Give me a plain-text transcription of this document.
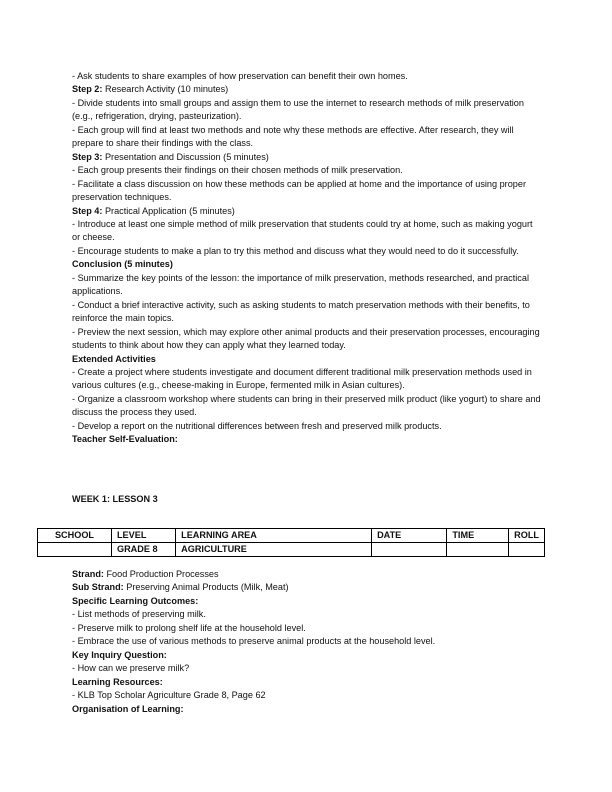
- Ask students to share examples of how preservation can benefit their own homes.

Step 2: Research Activity (10 minutes)

- Divide students into small groups and assign them to use the internet to research methods of milk preservation (e.g., refrigeration, drying, pasteurization).

- Each group will find at least two methods and note why these methods are effective. After research, they will prepare to share their findings with the class.

Step 3: Presentation and Discussion (5 minutes)

- Each group presents their findings on their chosen methods of milk preservation.

- Facilitate a class discussion on how these methods can be applied at home and the importance of using proper preservation techniques.

Step 4: Practical Application (5 minutes)

- Introduce at least one simple method of milk preservation that students could try at home, such as making yogurt or cheese.

- Encourage students to make a plan to try this method and discuss what they would need to do it successfully.

Conclusion (5 minutes)

- Summarize the key points of the lesson: the importance of milk preservation, methods researched, and practical applications.

- Conduct a brief interactive activity, such as asking students to match preservation methods with their benefits, to reinforce the main topics.

- Preview the next session, which may explore other animal products and their preservation processes, encouraging students to think about how they can apply what they learned today.

Extended Activities

- Create a project where students investigate and document different traditional milk preservation methods used in various cultures (e.g., cheese-making in Europe, fermented milk in Asian cultures).

- Organize a classroom workshop where students can bring in their preserved milk product (like yogurt) to share and discuss the process they used.

- Develop a report on the nutritional differences between fresh and preserved milk products.

Teacher Self-Evaluation:

WEEK 1: LESSON 3

SCHOOL	LEVEL	LEARNING AREA	DATE	TIME	ROLL
	GRADE 8	AGRICULTURE			

Strand: Food Production Processes

Sub Strand: Preserving Animal Products (Milk, Meat)

Specific Learning Outcomes:

- List methods of preserving milk.

- Preserve milk to prolong shelf life at the household level.

- Embrace the use of various methods to preserve animal products at the household level.

Key Inquiry Question:

- How can we preserve milk?

Learning Resources:

- KLB Top Scholar Agriculture Grade 8, Page 62

Organisation of Learning:
